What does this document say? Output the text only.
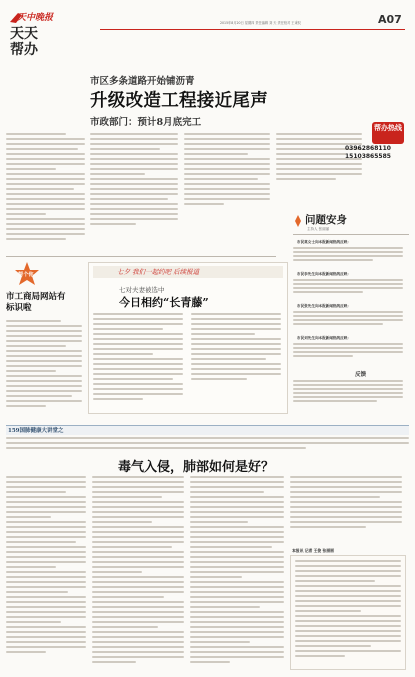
天中晚报
天天帮办
2015年8月20日 星期四 责任编辑 刘 天 责任校对 王秉权	A07
市区多条道路开始铺沥青
升级改造工程接近尾声
市政部门：预计8月底完工	帮办热线
03962868110
15103865585
问题安身
主持人 张丽丽
市民莫女士向本报新闻热线反映：
市民李先生向本报新闻热线反映：
市民张先生向本报新闻热线反映：
市民刘先生向本报新闻热线反映：
反馈
帮个你
市工商局网站有标识啦
七夕 我们一起约吧 后续报道
七对夫妻被选中
今日相约“长青藤”
159国肺健康大讲堂之
毒气入侵，肺部如何是好？
本报讯 记者 王俊 张丽丽
